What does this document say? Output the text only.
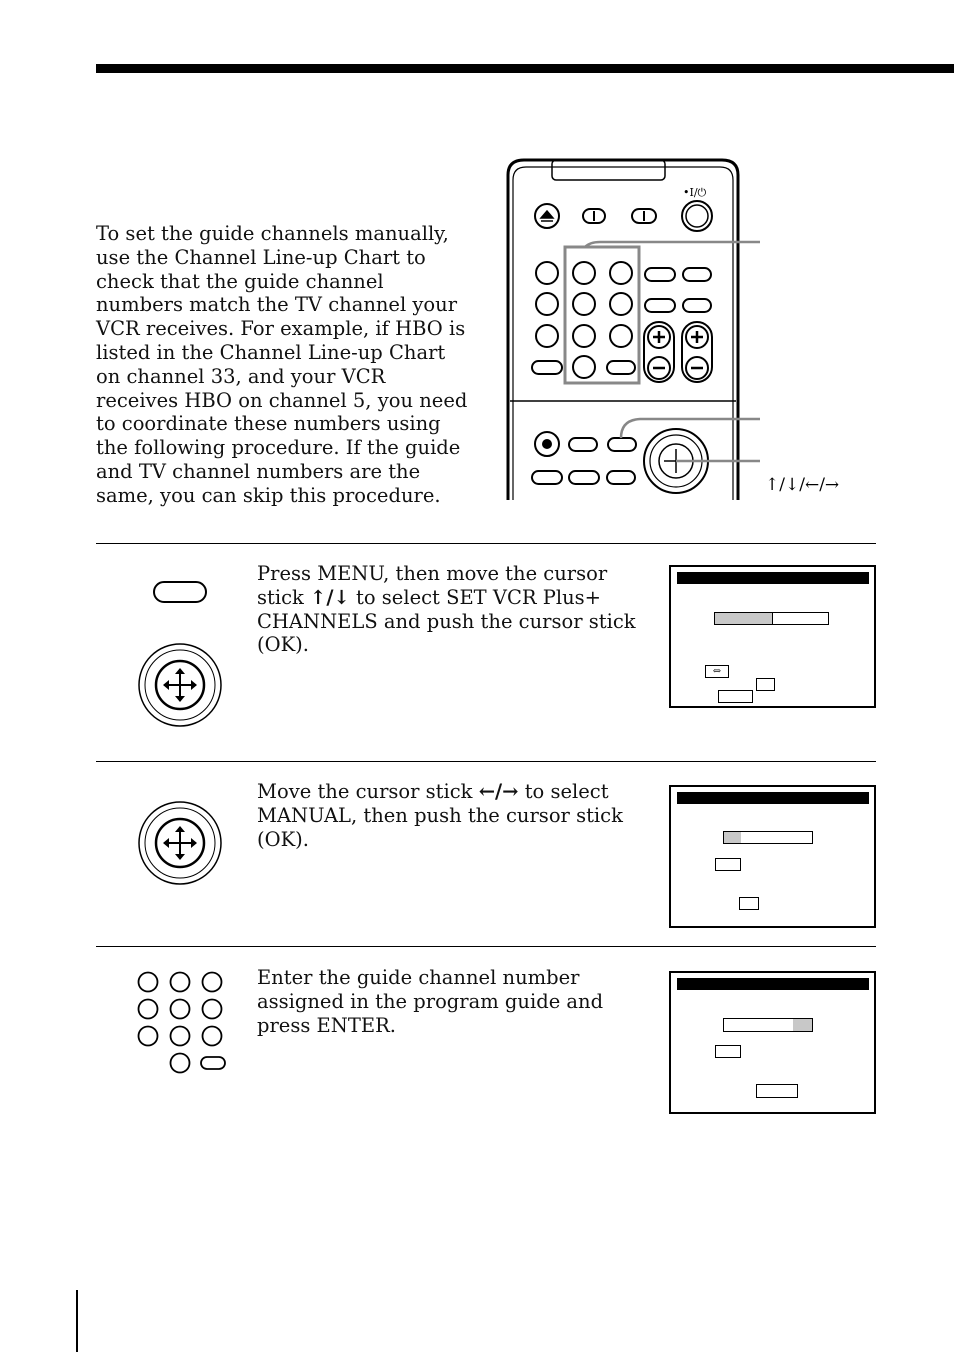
To set the guide channels manually, use the Channel Line-up Chart to check that the guide channel numbers match the TV channel your VCR receives. For example, if HBO is listed in the Channel Line-up Chart on channel 33, and your VCR receives HBO on channel 5, you need to coordinate these numbers using the following procedure. If the guide and TV channel numbers are the same, you can skip this procedure.

•I/⏻
↑/↓/←/→

Press MENU, then move the cursor stick ↑/↓ to select SET VCR Plus+ CHANNELS and push the cursor stick (OK).

⇔

Move the cursor stick ←/→ to select MANUAL, then push the cursor stick (OK).

Enter the guide channel number assigned in the program guide and press ENTER.
